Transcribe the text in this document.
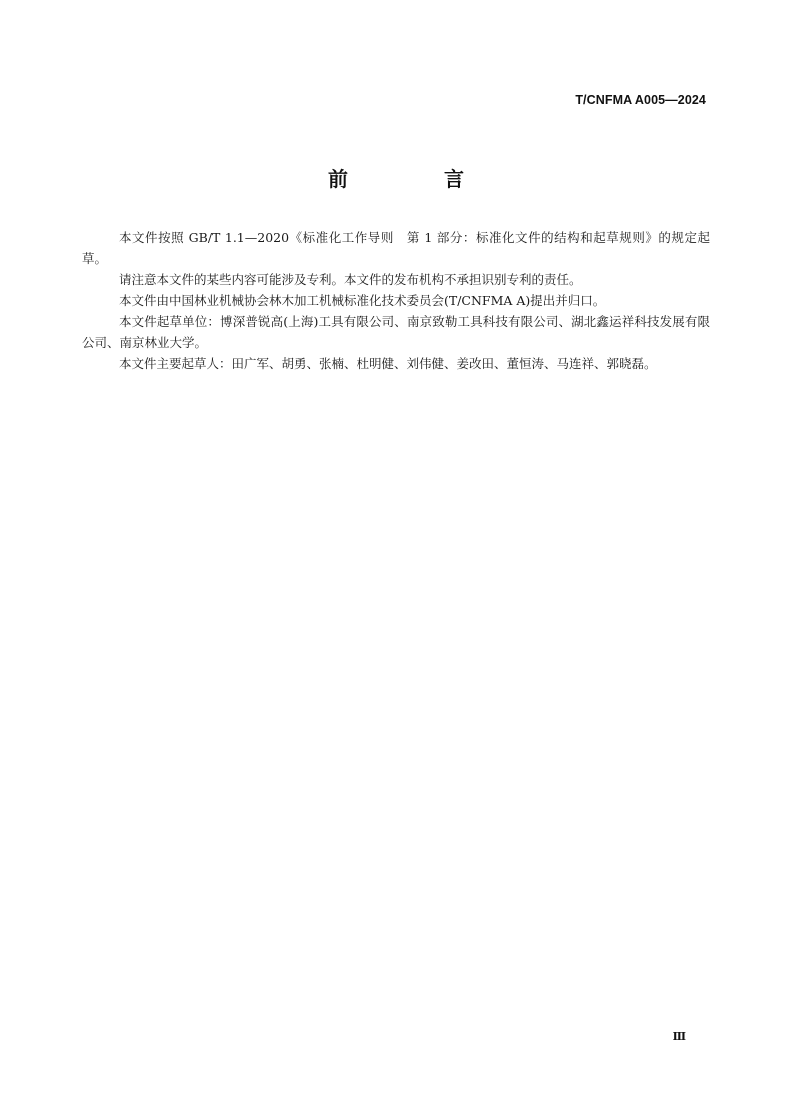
T/CNFMA A005—2024
前　言

本文件按照 GB/T 1.1—2020《标准化工作导则　第 1 部分：标准化文件的结构和起草规则》的规定起草。

请注意本文件的某些内容可能涉及专利。本文件的发布机构不承担识别专利的责任。

本文件由中国林业机械协会林木加工机械标准化技术委员会(T/CNFMA A)提出并归口。

本文件起草单位：博深普锐高(上海)工具有限公司、南京致勒工具科技有限公司、湖北鑫运祥科技发展有限公司、南京林业大学。

本文件主要起草人：田广军、胡勇、张楠、杜明健、刘伟健、姜改田、董恒涛、马连祥、郭晓磊。

Ⅲ
